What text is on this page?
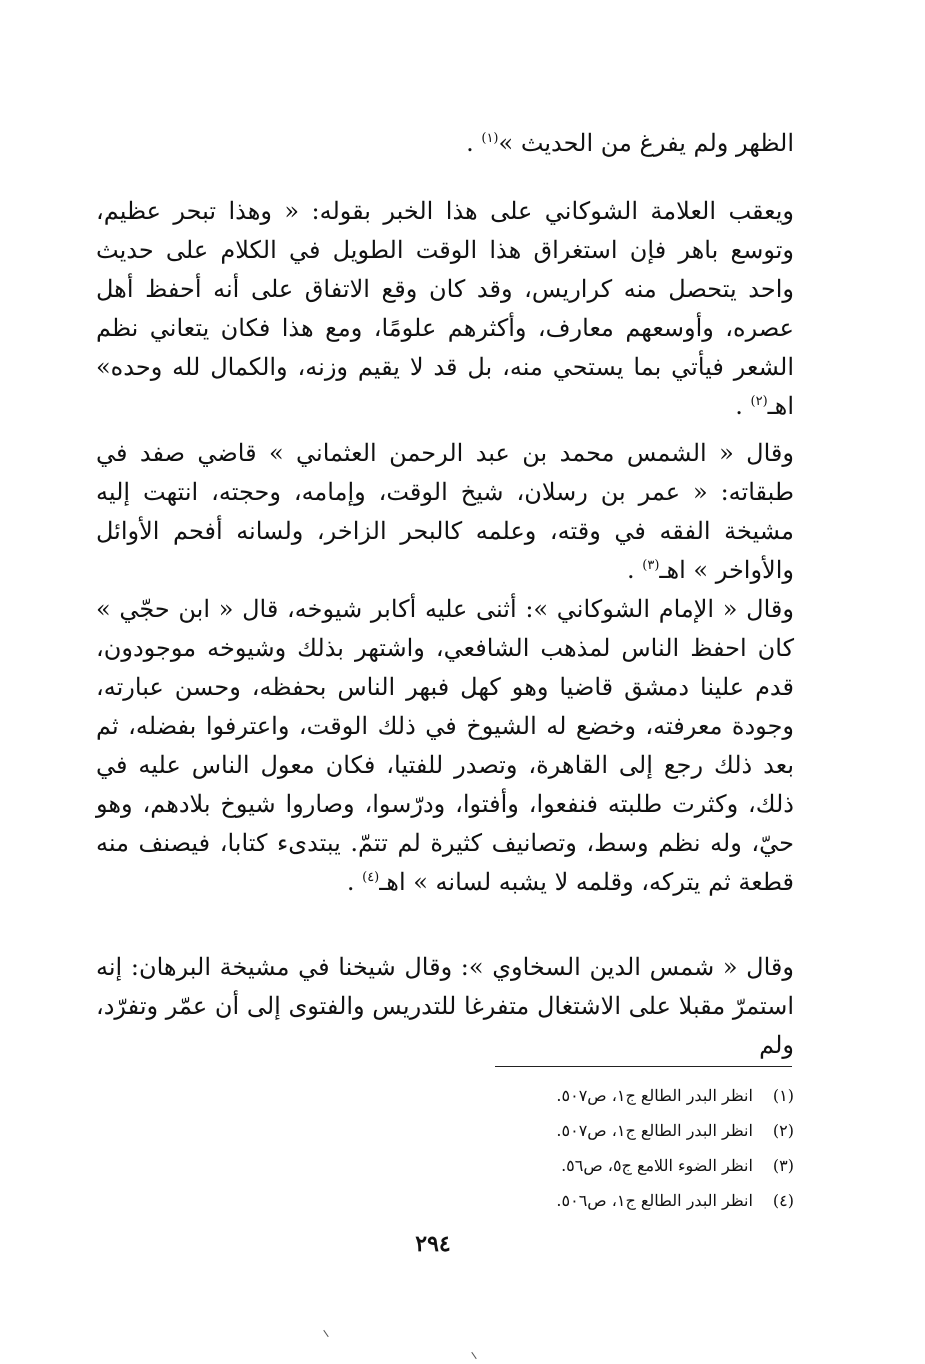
الظهر ولم يفرغ من الحديث »$^{(١)}$ .

ويعقب العلامة الشوكاني على هذا الخبر بقوله: « وهذا تبحر عظيم، وتوسع باهر فإن استغراق هذا الوقت الطويل في الكلام على حديث واحد يتحصل منه كراريس، وقد كان وقع الاتفاق على أنه أحفظ أهل عصره، وأوسعهم معارف، وأكثرهم علومًا، ومع هذا فكان يتعاني نظم الشعر فيأتي بما يستحي منه، بل قد لا يقيم وزنه، والكمال لله وحده» اهـ$^{(٢)}$ .

وقال « الشمس محمد بن عبد الرحمن العثماني » قاضي صفد في طبقاته: « عمر بن رسلان، شيخ الوقت، وإمامه، وحجته، انتهت إليه مشيخة الفقه في وقته، وعلمه كالبحر الزاخر، ولسانه أفحم الأوائل والأواخر » اهـ$^{(٣)}$ .

وقال « الإمام الشوكاني »: أثنى عليه أكابر شيوخه، قال « ابن حجّي » كان احفظ الناس لمذهب الشافعي، واشتهر بذلك وشيوخه موجودون، قدم علينا دمشق قاضيا وهو كهل فبهر الناس بحفظه، وحسن عبارته، وجودة معرفته، وخضع له الشيوخ في ذلك الوقت، واعترفوا بفضله، ثم بعد ذلك رجع إلى القاهرة، وتصدر للفتيا، فكان معول الناس عليه في ذلك، وكثرت طلبته فنفعوا، وأفتوا، ودرّسوا، وصاروا شيوخ بلادهم، وهو حيّ، وله نظم وسط، وتصانيف كثيرة لم تتمّ. يبتدىء كتابا، فيصنف منه قطعة ثم يتركه، وقلمه لا يشبه لسانه » اهـ$^{(٤)}$ .

وقال « شمس الدين السخاوي »: وقال شيخنا في مشيخة البرهان: إنه استمرّ مقبلا على الاشتغال متفرغا للتدريس والفتوى إلى أن عمّر وتفرّد، ولم

(١) انظر البدر الطالع ج١، ص٥٠٧.

(٢) انظر البدر الطالع ج١، ص٥٠٧.

(٣) انظر الضوء اللامع ج٥، ص٥٦.

(٤) انظر البدر الطالع ج١، ص٥٠٦.

٢٩٤
